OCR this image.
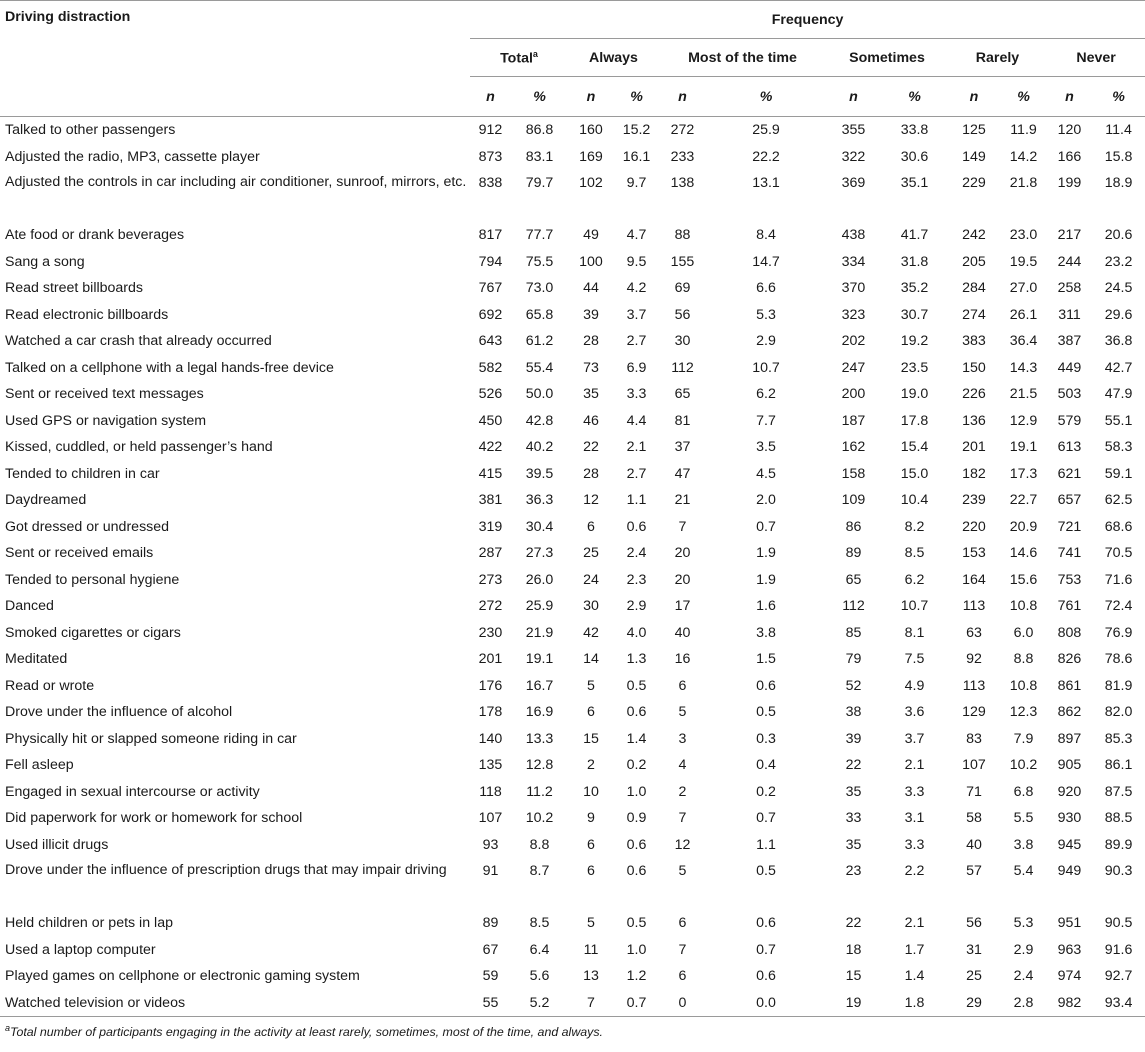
Driving distraction	Frequency											
	Total$^a$		Always		Most of the time		Sometimes		Rarely		Never	
	n	%	n	%	n	%	n	%	n	%	n	%
Talked to other passengers	912	86.8	160	15.2	272	25.9	355	33.8	125	11.9	120	11.4
Adjusted the radio, MP3, cassette player	873	83.1	169	16.1	233	22.2	322	30.6	149	14.2	166	15.8
Adjusted the controls in car including air conditioner, sunroof, mirrors, etc.	838	79.7	102	9.7	138	13.1	369	35.1	229	21.8	199	18.9
Ate food or drank beverages	817	77.7	49	4.7	88	8.4	438	41.7	242	23.0	217	20.6
Sang a song	794	75.5	100	9.5	155	14.7	334	31.8	205	19.5	244	23.2
Read street billboards	767	73.0	44	4.2	69	6.6	370	35.2	284	27.0	258	24.5
Read electronic billboards	692	65.8	39	3.7	56	5.3	323	30.7	274	26.1	311	29.6
Watched a car crash that already occurred	643	61.2	28	2.7	30	2.9	202	19.2	383	36.4	387	36.8
Talked on a cellphone with a legal hands-free device	582	55.4	73	6.9	112	10.7	247	23.5	150	14.3	449	42.7
Sent or received text messages	526	50.0	35	3.3	65	6.2	200	19.0	226	21.5	503	47.9
Used GPS or navigation system	450	42.8	46	4.4	81	7.7	187	17.8	136	12.9	579	55.1
Kissed, cuddled, or held passenger’s hand	422	40.2	22	2.1	37	3.5	162	15.4	201	19.1	613	58.3
Tended to children in car	415	39.5	28	2.7	47	4.5	158	15.0	182	17.3	621	59.1
Daydreamed	381	36.3	12	1.1	21	2.0	109	10.4	239	22.7	657	62.5
Got dressed or undressed	319	30.4	6	0.6	7	0.7	86	8.2	220	20.9	721	68.6
Sent or received emails	287	27.3	25	2.4	20	1.9	89	8.5	153	14.6	741	70.5
Tended to personal hygiene	273	26.0	24	2.3	20	1.9	65	6.2	164	15.6	753	71.6
Danced	272	25.9	30	2.9	17	1.6	112	10.7	113	10.8	761	72.4
Smoked cigarettes or cigars	230	21.9	42	4.0	40	3.8	85	8.1	63	6.0	808	76.9
Meditated	201	19.1	14	1.3	16	1.5	79	7.5	92	8.8	826	78.6
Read or wrote	176	16.7	5	0.5	6	0.6	52	4.9	113	10.8	861	81.9
Drove under the influence of alcohol	178	16.9	6	0.6	5	0.5	38	3.6	129	12.3	862	82.0
Physically hit or slapped someone riding in car	140	13.3	15	1.4	3	0.3	39	3.7	83	7.9	897	85.3
Fell asleep	135	12.8	2	0.2	4	0.4	22	2.1	107	10.2	905	86.1
Engaged in sexual intercourse or activity	118	11.2	10	1.0	2	0.2	35	3.3	71	6.8	920	87.5
Did paperwork for work or homework for school	107	10.2	9	0.9	7	0.7	33	3.1	58	5.5	930	88.5
Used illicit drugs	93	8.8	6	0.6	12	1.1	35	3.3	40	3.8	945	89.9
Drove under the influence of prescription drugs that may impair driving	91	8.7	6	0.6	5	0.5	23	2.2	57	5.4	949	90.3
Held children or pets in lap	89	8.5	5	0.5	6	0.6	22	2.1	56	5.3	951	90.5
Used a laptop computer	67	6.4	11	1.0	7	0.7	18	1.7	31	2.9	963	91.6
Played games on cellphone or electronic gaming system	59	5.6	13	1.2	6	0.6	15	1.4	25	2.4	974	92.7
Watched television or videos	55	5.2	7	0.7	0	0.0	19	1.8	29	2.8	982	93.4
$^a$Total number of participants engaging in the activity at least rarely, sometimes, most of the time, and always.
